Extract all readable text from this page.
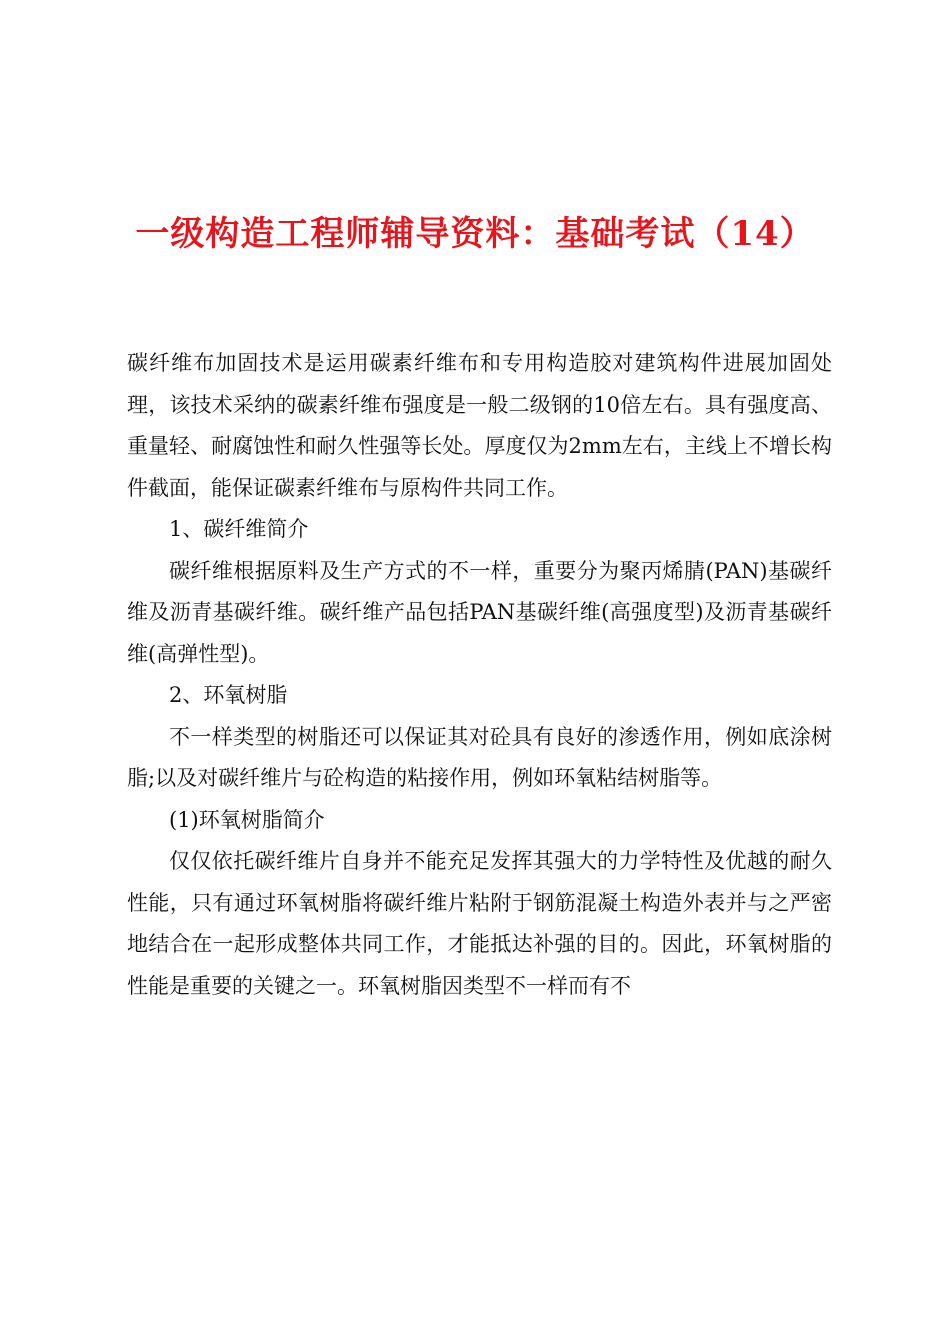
一级构造工程师辅导资料：基础考试（14）

碳纤维布加固技术是运用碳素纤维布和专用构造胶对建筑构件进展加固处理，该技术采纳的碳素纤维布强度是一般二级钢的10倍左右。具有强度高、重量轻、耐腐蚀性和耐久性强等长处。厚度仅为2mm左右，主线上不增长构件截面，能保证碳素纤维布与原构件共同工作。

1、碳纤维简介

碳纤维根据原料及生产方式的不一样，重要分为聚丙烯腈(PAN)基碳纤维及沥青基碳纤维。碳纤维产品包括PAN基碳纤维(高强度型)及沥青基碳纤维(高弹性型)。

2、环氧树脂

不一样类型的树脂还可以保证其对砼具有良好的渗透作用，例如底涂树脂;以及对碳纤维片与砼构造的粘接作用，例如环氧粘结树脂等。

(1)环氧树脂简介

仅仅依托碳纤维片自身并不能充足发挥其强大的力学特性及优越的耐久性能，只有通过环氧树脂将碳纤维片粘附于钢筋混凝土构造外表并与之严密地结合在一起形成整体共同工作，才能抵达补强的目的。因此，环氧树脂的性能是重要的关键之一。环氧树脂因类型不一样而有不
